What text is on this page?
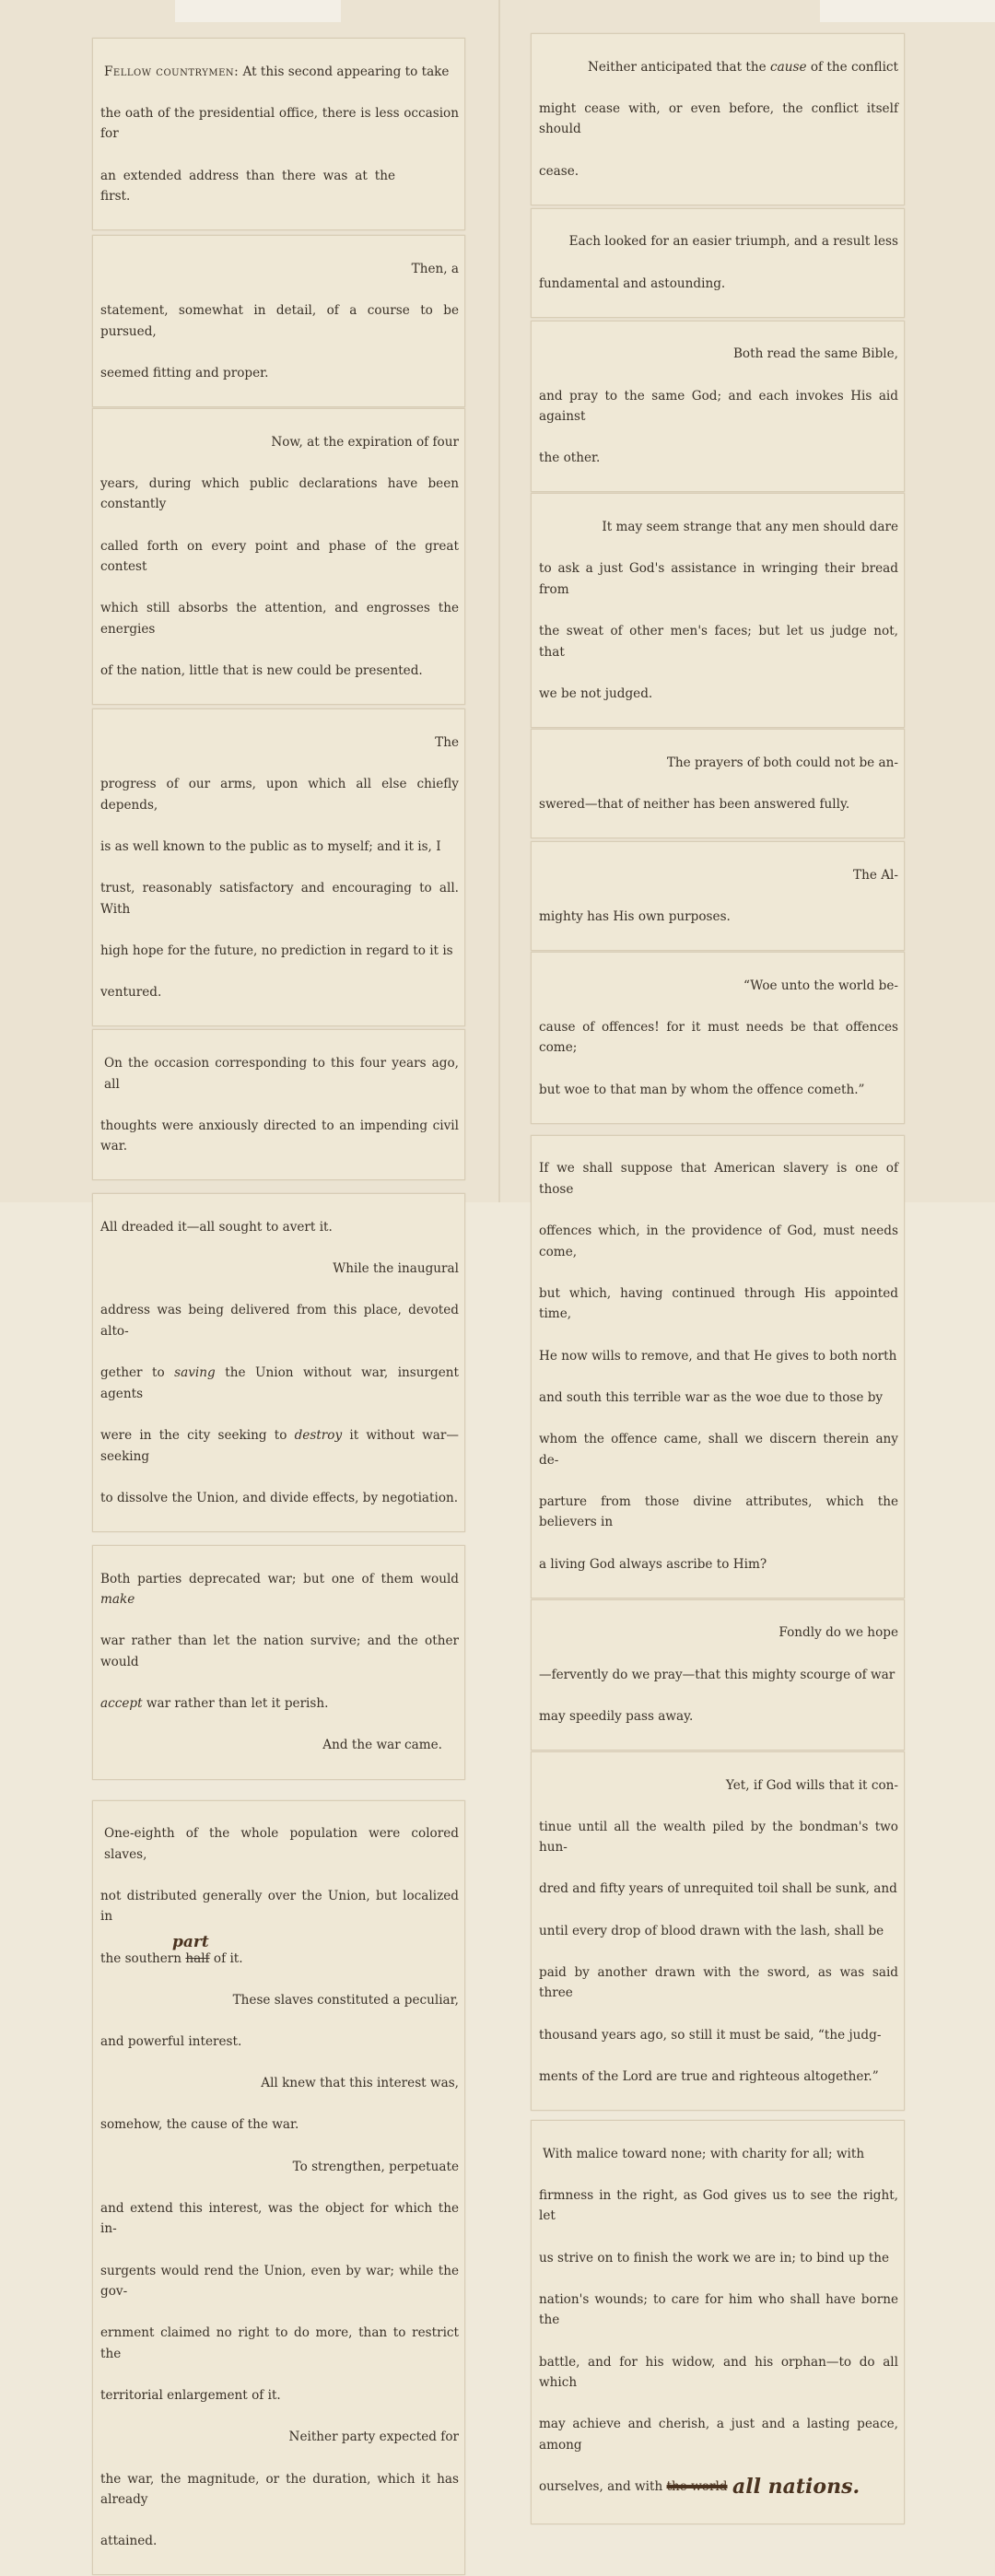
Fellow countrymen: At this second appearing to take

the oath of the presidential office, there is less occasion for

an extended address than there was at the first.

Then, a

statement, somewhat in detail, of a course to be pursued,

seemed fitting and proper.

Now, at the expiration of four

years, during which public declarations have been constantly

called forth on every point and phase of the great contest

which still absorbs the attention, and engrosses the energies

of the nation, little that is new could be presented.

The

progress of our arms, upon which all else chiefly depends,

is as well known to the public as to myself; and it is, I

trust, reasonably satisfactory and encouraging to all. With

high hope for the future, no prediction in regard to it is

ventured.

On the occasion corresponding to this four years ago, all

thoughts were anxiously directed to an impending civil war.

All dreaded it—all sought to avert it.

While the inaugural

address was being delivered from this place, devoted alto-

gether to saving the Union without war, insurgent agents

were in the city seeking to destroy it without war—seeking

to dissolve the Union, and divide effects, by negotiation.

Both parties deprecated war; but one of them would make

war rather than let the nation survive; and the other would

accept war rather than let it perish.

And the war came.

One-eighth of the whole population were colored slaves,

not distributed generally over the Union, but localized in

the southern half of it.
part

These slaves constituted a peculiar,

and powerful interest.

All knew that this interest was,

somehow, the cause of the war.

To strengthen, perpetuate

and extend this interest, was the object for which the in-

surgents would rend the Union, even by war; while the gov-

ernment claimed no right to do more, than to restrict the

territorial enlargement of it.

Neither party expected for

the war, the magnitude, or the duration, which it has already

attained.

Neither anticipated that the cause of the conflict

might cease with, or even before, the conflict itself should

cease.

Each looked for an easier triumph, and a result less

fundamental and astounding.

Both read the same Bible,

and pray to the same God; and each invokes His aid against

the other.

It may seem strange that any men should dare

to ask a just God's assistance in wringing their bread from

the sweat of other men's faces; but let us judge not, that

we be not judged.

The prayers of both could not be an-

swered—that of neither has been answered fully.

The Al-

mighty has His own purposes.

“Woe unto the world be-

cause of offences! for it must needs be that offences come;

but woe to that man by whom the offence cometh.”

If we shall suppose that American slavery is one of those

offences which, in the providence of God, must needs come,

but which, having continued through His appointed time,

He now wills to remove, and that He gives to both north

and south this terrible war as the woe due to those by

whom the offence came, shall we discern therein any de-

parture from those divine attributes, which the believers in

a living God always ascribe to Him?

Fondly do we hope

—fervently do we pray—that this mighty scourge of war

may speedily pass away.

Yet, if God wills that it con-

tinue until all the wealth piled by the bondman's two hun-

dred and fifty years of unrequited toil shall be sunk, and

until every drop of blood drawn with the lash, shall be

paid by another drawn with the sword, as was said three

thousand years ago, so still it must be said, “the judg-

ments of the Lord are true and righteous altogether.”

With malice toward none; with charity for all; with

firmness in the right, as God gives us to see the right, let

us strive on to finish the work we are in; to bind up the

nation's wounds; to care for him who shall have borne the

battle, and for his widow, and his orphan—to do all which

may achieve and cherish, a just and a lasting peace, among

ourselves, and with the world all nations.
